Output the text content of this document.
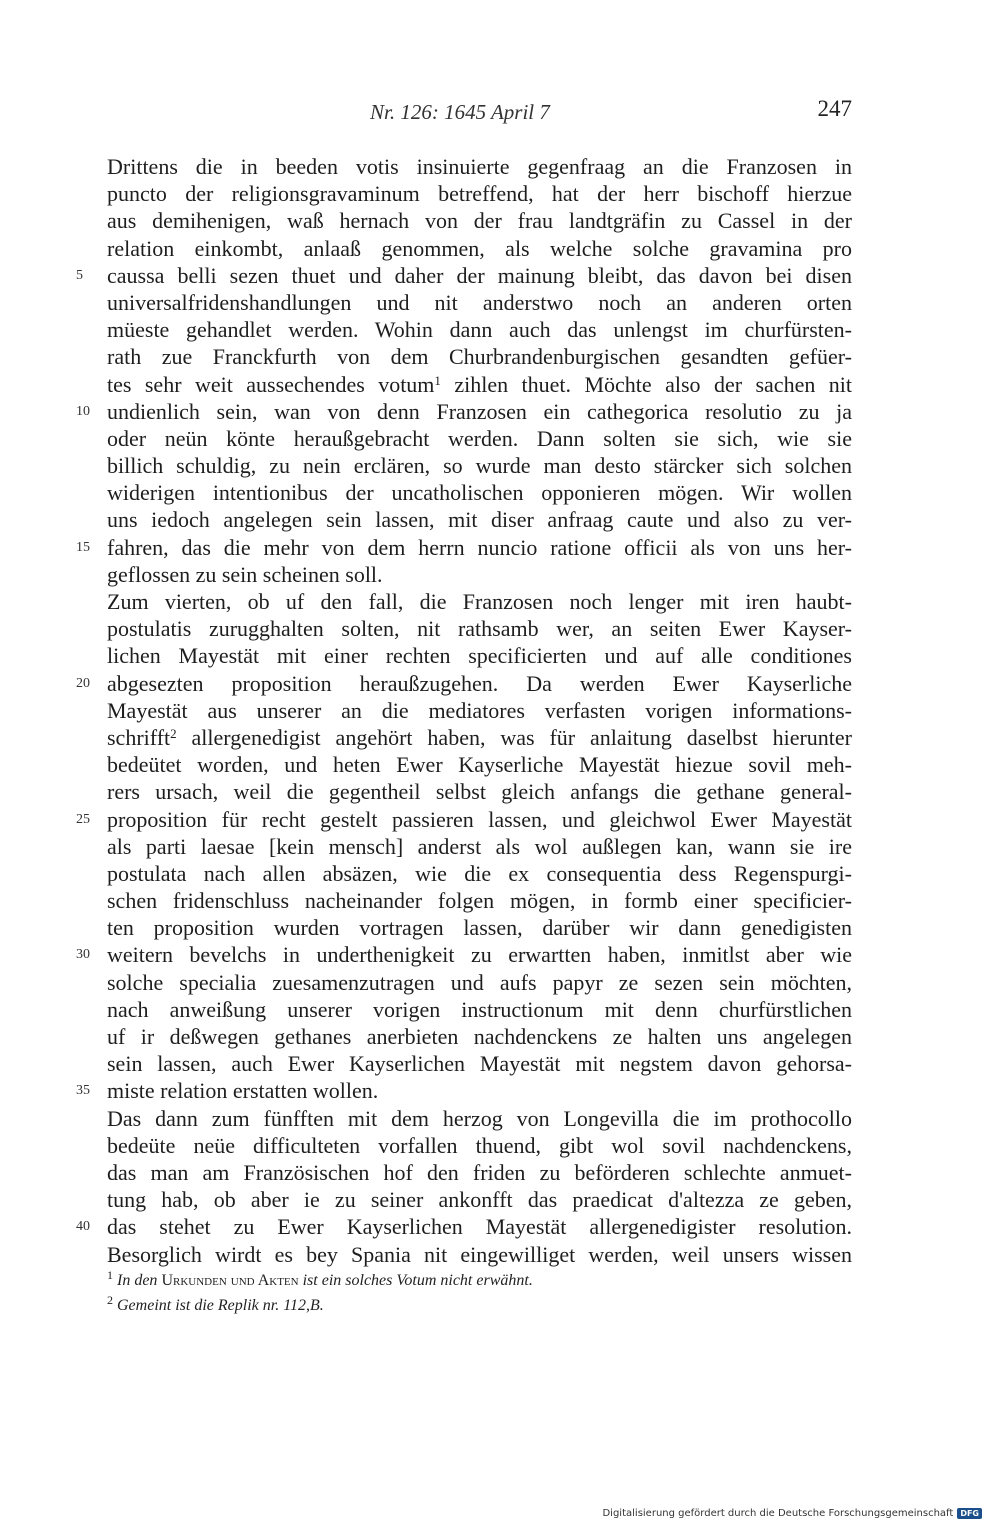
Nr. 126: 1645 April 7	247
Drittens die in beeden votis insinuierte gegenfraag an die Franzosen in
puncto der religionsgravaminum betreffend, hat der herr bischoff hierzue
aus demihenigen, waß hernach von der frau landtgräfin zu Cassel in der
relation einkombt, anlaaß genommen, als welche solche gravamina pro
5	caussa belli sezen thuet und daher der mainung bleibt, das davon bei disen
universalfridenshandlungen und nit anderstwo noch an anderen orten
müeste gehandlet werden. Wohin dann auch das unlengst im churfürsten-
rath zue Franckfurth von dem Churbrandenburgischen gesandten gefüer-
tes sehr weit aussechendes votum$^1$ zihlen thuet. Möchte also der sachen nit
10 undienlich sein, wan von denn Franzosen ein cathegorica resolutio zu ja
oder neün könte heraußgebracht werden. Dann solten sie sich, wie sie
billich schuldig, zu nein erclären, so wurde man desto stärcker sich solchen
widerigen intentionibus der uncatholischen opponieren mögen. Wir wollen
uns iedoch angelegen sein lassen, mit diser anfraag caute und also zu ver-
15 fahren, das die mehr von dem herrn nuncio ratione officii als von uns her-
geflossen zu sein scheinen soll.
Zum vierten, ob uf den fall, die Franzosen noch lenger mit iren haubt-
postulatis zurugghalten solten, nit rathsamb wer, an seiten Ewer Kayser-
lichen Mayestät mit einer rechten specificierten und auf alle conditiones
20 abgesezten proposition heraußzugehen. Da werden Ewer Kayserliche
Mayestät aus unserer an die mediatores verfasten vorigen informations-
schrifft$^2$ allergenedigist angehört haben, was für anlaitung daselbst hierunter
bedeütet worden, und heten Ewer Kayserliche Mayestät hiezue sovil meh-
rers ursach, weil die gegentheil selbst gleich anfangs die gethane general-
25 proposition für recht gestelt passieren lassen, und gleichwol Ewer Mayestät
als parti laesae [kein mensch] anderst als wol außlegen kan, wann sie ire
postulata nach allen absäzen, wie die ex consequentia dess Regenspurgi-
schen fridenschluss nacheinander folgen mögen, in formb einer specificier-
ten proposition wurden vortragen lassen, darüber wir dann genedigisten
30 weitern bevelchs in underthenigkeit zu erwartten haben, inmitlst aber wie
solche specialia zuesamenzutragen und aufs papyr ze sezen sein möchten,
nach anweißung unserer vorigen instructionum mit denn churfürstlichen
uf ir deßwegen gethanes anerbieten nachdenckens ze halten uns angelegen
sein lassen, auch Ewer Kayserlichen Mayestät mit negstem davon gehorsa-
35 miste relation erstatten wollen.
Das dann zum fünfften mit dem herzog von Longevilla die im prothocollo
bedeüte neüe difficulteten vorfallen thuend, gibt wol sovil nachdenckens,
das man am Französischen hof den friden zu beförderen schlechte anmuet-
tung hab, ob aber ie zu seiner ankonfft das praedicat d'altezza ze geben,
40 das stehet zu Ewer Kayserlichen Mayestät allergenedigister resolution.
Besorglich wirdt es bey Spania nit eingewilliget werden, weil unsers wissen
$^1$ In den Urkunden und Akten ist ein solches Votum nicht erwähnt.
$^2$ Gemeint ist die Replik nr. 112,B.
Digitalisierung gefördert durch die Deutsche Forschungsgemeinschaft DFG
